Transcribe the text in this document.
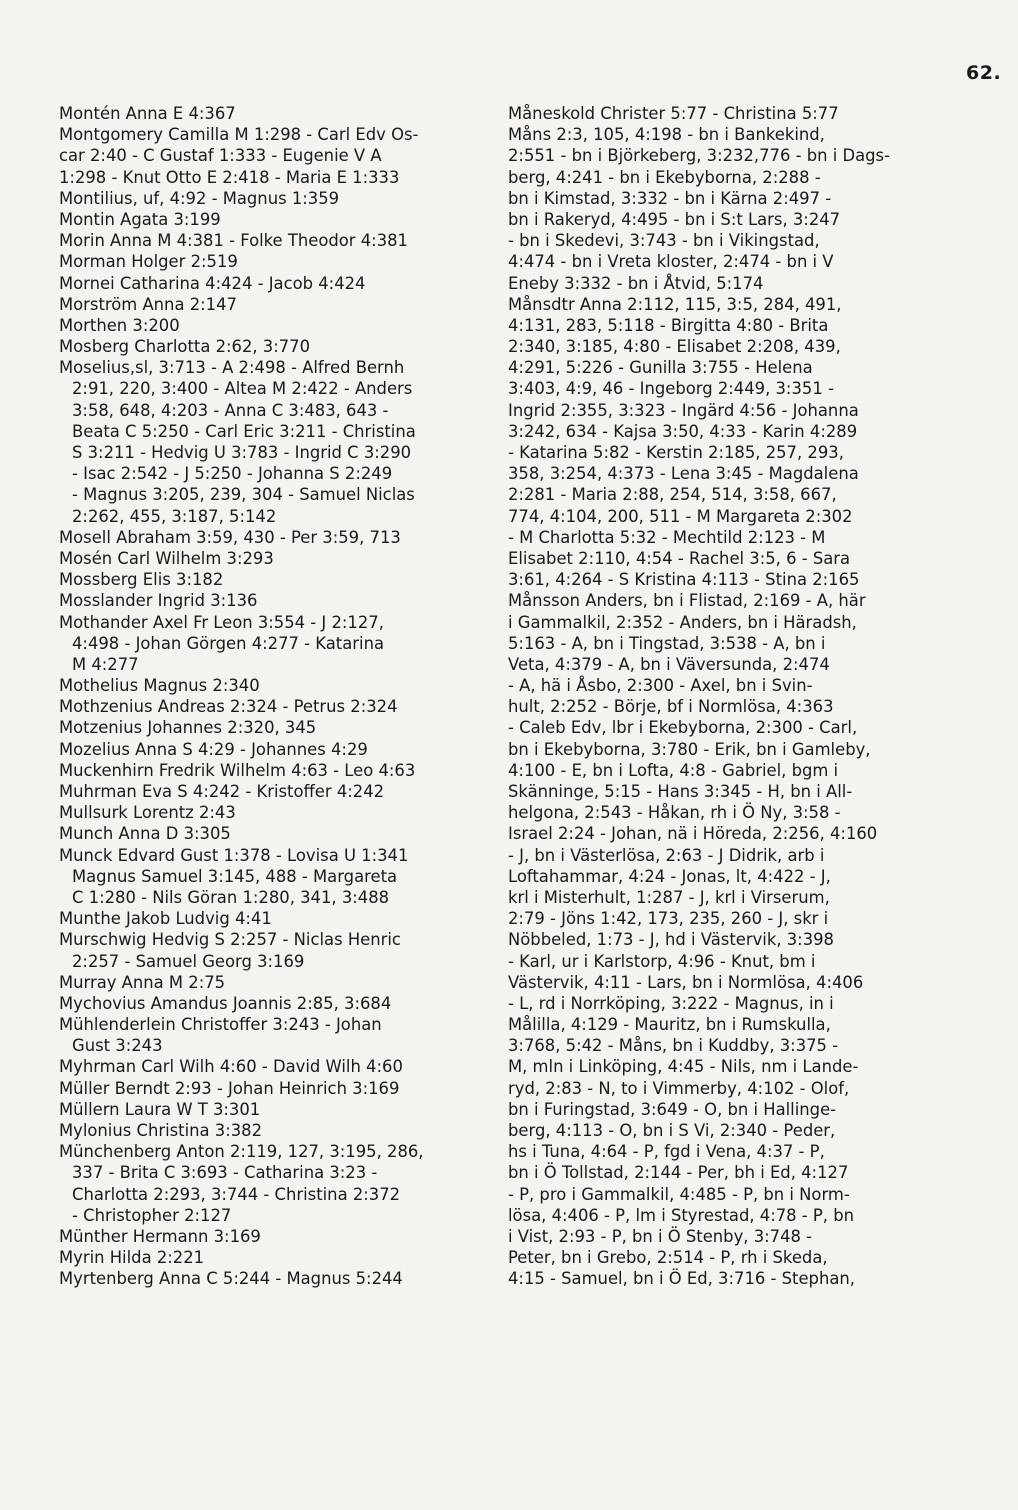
62.
Montén Anna E 4:367
Montgomery Camilla M 1:298 - Carl Edv Os-
car 2:40 - C Gustaf 1:333 - Eugenie V A
1:298 - Knut Otto E 2:418 - Maria E 1:333
Montilius, uf, 4:92 - Magnus 1:359
Montin Agata 3:199
Morin Anna M 4:381 - Folke Theodor 4:381
Morman Holger 2:519
Mornei Catharina 4:424 - Jacob 4:424
Morström Anna 2:147
Morthen 3:200
Mosberg Charlotta 2:62, 3:770
Moselius,sl, 3:713 - A 2:498 - Alfred Bernh
2:91, 220, 3:400 - Altea M 2:422 - Anders
3:58, 648, 4:203 - Anna C 3:483, 643 -
Beata C 5:250 - Carl Eric 3:211 - Christina
S 3:211 - Hedvig U 3:783 - Ingrid C 3:290
- Isac 2:542 - J 5:250 - Johanna S 2:249
- Magnus 3:205, 239, 304 - Samuel Niclas
2:262, 455, 3:187, 5:142
Mosell Abraham 3:59, 430 - Per 3:59, 713
Mosén Carl Wilhelm 3:293
Mossberg Elis 3:182
Mosslander Ingrid 3:136
Mothander Axel Fr Leon 3:554 - J 2:127,
4:498 - Johan Görgen 4:277 - Katarina
M 4:277
Mothelius Magnus 2:340
Mothzenius Andreas 2:324 - Petrus 2:324
Motzenius Johannes 2:320, 345
Mozelius Anna S 4:29 - Johannes 4:29
Muckenhirn Fredrik Wilhelm 4:63 - Leo 4:63
Muhrman Eva S 4:242 - Kristoffer 4:242
Mullsurk Lorentz 2:43
Munch Anna D 3:305
Munck Edvard Gust 1:378 - Lovisa U 1:341
Magnus Samuel 3:145, 488 - Margareta
C 1:280 - Nils Göran 1:280, 341, 3:488
Munthe Jakob Ludvig 4:41
Murschwig Hedvig S 2:257 - Niclas Henric
2:257 - Samuel Georg 3:169
Murray Anna M 2:75
Mychovius Amandus Joannis 2:85, 3:684
Mühlenderlein Christoffer 3:243 - Johan
Gust 3:243
Myhrman Carl Wilh 4:60 - David Wilh 4:60
Müller Berndt 2:93 - Johan Heinrich 3:169
Müllern Laura W T 3:301
Mylonius Christina 3:382
Münchenberg Anton 2:119, 127, 3:195, 286,
337 - Brita C 3:693 - Catharina 3:23 -
Charlotta 2:293, 3:744 - Christina 2:372
- Christopher 2:127
Münther Hermann 3:169
Myrin Hilda 2:221
Myrtenberg Anna C 5:244 - Magnus 5:244
Måneskold Christer 5:77 - Christina 5:77
Måns 2:3, 105, 4:198 - bn i Bankekind,
2:551 - bn i Björkeberg, 3:232,776 - bn i Dags-
berg, 4:241 - bn i Ekebyborna, 2:288 -
bn i Kimstad, 3:332 - bn i Kärna 2:497 -
bn i Rakeryd, 4:495 - bn i S:t Lars, 3:247
- bn i Skedevi, 3:743 - bn i Vikingstad,
4:474 - bn i Vreta kloster, 2:474 - bn i V
Eneby 3:332 - bn i Åtvid, 5:174
Månsdtr Anna 2:112, 115, 3:5, 284, 491,
4:131, 283, 5:118 - Birgitta 4:80 - Brita
2:340, 3:185, 4:80 - Elisabet 2:208, 439,
4:291, 5:226 - Gunilla 3:755 - Helena
3:403, 4:9, 46 - Ingeborg 2:449, 3:351 -
Ingrid 2:355, 3:323 - Ingärd 4:56 - Johanna
3:242, 634 - Kajsa 3:50, 4:33 - Karin 4:289
- Katarina 5:82 - Kerstin 2:185, 257, 293,
358, 3:254, 4:373 - Lena 3:45 - Magdalena
2:281 - Maria 2:88, 254, 514, 3:58, 667,
774, 4:104, 200, 511 - M Margareta 2:302
- M Charlotta 5:32 - Mechtild 2:123 - M
Elisabet 2:110, 4:54 - Rachel 3:5, 6 - Sara
3:61, 4:264 - S Kristina 4:113 - Stina 2:165
Månsson Anders, bn i Flistad, 2:169 - A, här
i Gammalkil, 2:352 - Anders, bn i Häradsh,
5:163 - A, bn i Tingstad, 3:538 - A, bn i
Veta, 4:379 - A, bn i Väversunda, 2:474
- A, hä i Åsbo, 2:300 - Axel, bn i Svin-
hult, 2:252 - Börje, bf i Normlösa, 4:363
- Caleb Edv, lbr i Ekebyborna, 2:300 - Carl,
bn i Ekebyborna, 3:780 - Erik, bn i Gamleby,
4:100 - E, bn i Lofta, 4:8 - Gabriel, bgm i
Skänninge, 5:15 - Hans 3:345 - H, bn i All-
helgona, 2:543 - Håkan, rh i Ö Ny, 3:58 -
Israel 2:24 - Johan, nä i Höreda, 2:256, 4:160
- J, bn i Västerlösa, 2:63 - J Didrik, arb i
Loftahammar, 4:24 - Jonas, lt, 4:422 - J,
krl i Misterhult, 1:287 - J, krl i Virserum,
2:79 - Jöns 1:42, 173, 235, 260 - J, skr i
Nöbbeled, 1:73 - J, hd i Västervik, 3:398
- Karl, ur i Karlstorp, 4:96 - Knut, bm i
Västervik, 4:11 - Lars, bn i Normlösa, 4:406
- L, rd i Norrköping, 3:222 - Magnus, in i
Målilla, 4:129 - Mauritz, bn i Rumskulla,
3:768, 5:42 - Måns, bn i Kuddby, 3:375 -
M, mln i Linköping, 4:45 - Nils, nm i Lande-
ryd, 2:83 - N, to i Vimmerby, 4:102 - Olof,
bn i Furingstad, 3:649 - O, bn i Hallinge-
berg, 4:113 - O, bn i S Vi, 2:340 - Peder,
hs i Tuna, 4:64 - P, fgd i Vena, 4:37 - P,
bn i Ö Tollstad, 2:144 - Per, bh i Ed, 4:127
- P, pro i Gammalkil, 4:485 - P, bn i Norm-
lösa, 4:406 - P, lm i Styrestad, 4:78 - P, bn
i Vist, 2:93 - P, bn i Ö Stenby, 3:748 -
Peter, bn i Grebo, 2:514 - P, rh i Skeda,
4:15 - Samuel, bn i Ö Ed, 3:716 - Stephan,
